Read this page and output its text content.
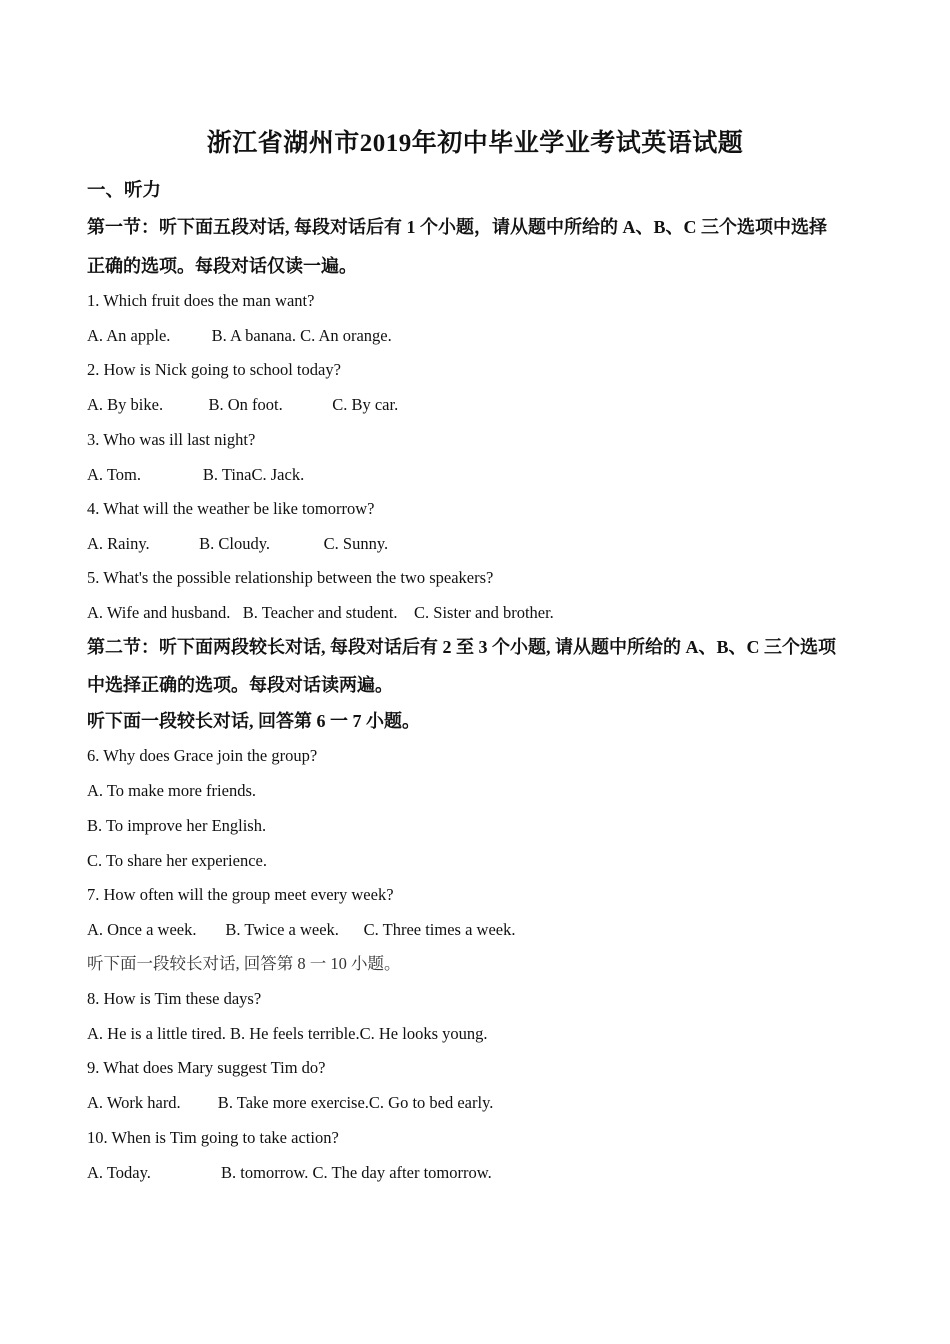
浙江省湖州市2019年初中毕业学业考试英语试题
一、听力
第一节：听下面五段对话, 每段对话后有 1 个小题，请从题中所给的 A、B、C 三个选项中选择
正确的选项。每段对话仅读一遍。
1. Which fruit does the man want?
A. An apple.          B. A banana. C. An orange.
2. How is Nick going to school today?
A. By bike.           B. On foot.            C. By car.
3. Who was ill last night?
A. Tom.               B. TinaC. Jack.
4. What will the weather be like tomorrow?
A. Rainy.            B. Cloudy.             C. Sunny.
5. What's the possible relationship between the two speakers?
A. Wife and husband.   B. Teacher and student.    C. Sister and brother.
第二节：听下面两段较长对话, 每段对话后有 2 至 3 个小题, 请从题中所给的 A、B、C 三个选项
中选择正确的选项。每段对话读两遍。
听下面一段较长对话, 回答第 6 一 7 小题。
6. Why does Grace join the group?
A. To make more friends.
B. To improve her English.
C. To share her experience.
7. How often will the group meet every week?
A. Once a week.       B. Twice a week.      C. Three times a week.
听下面一段较长对话, 回答第 8 一 10 小题。
8. How is Tim these days?
A. He is a little tired. B. He feels terrible.C. He looks young.
9. What does Mary suggest Tim do?
A. Work hard.         B. Take more exercise.C. Go to bed early.
10. When is Tim going to take action?
A. Today.                 B. tomorrow. C. The day after tomorrow.
